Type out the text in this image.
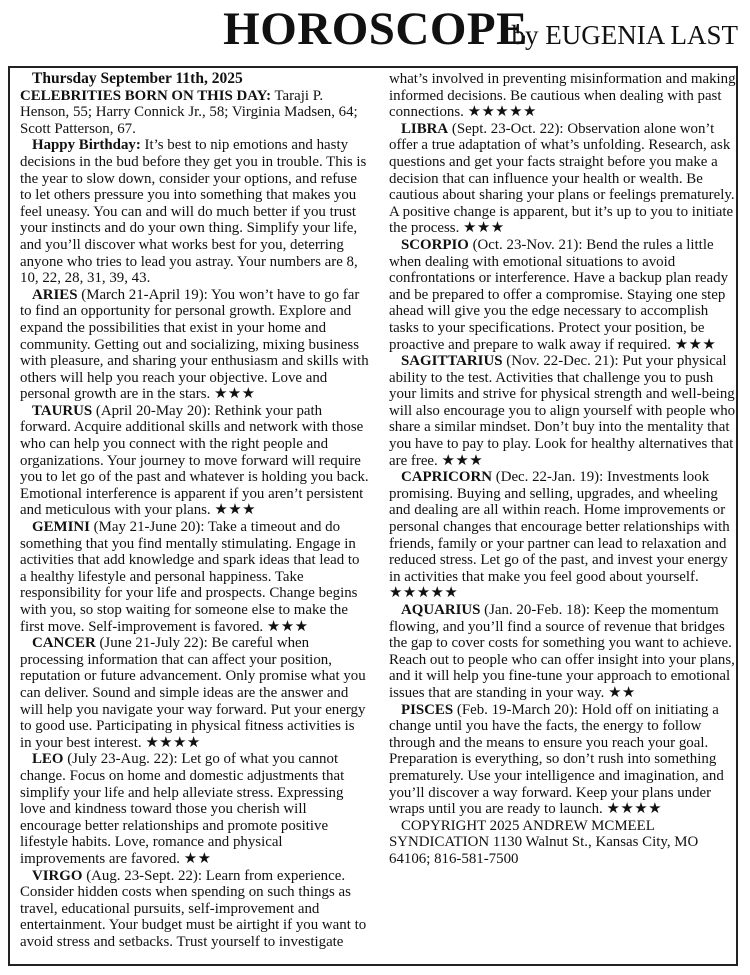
HOROSCOPE
by EUGENIA LAST

Thursday September 11th, 2025

CELEBRITIES BORN ON THIS DAY: Taraji P. Henson, 55; Harry Connick Jr., 58; Virginia Madsen, 64; Scott Patterson, 67.

Happy Birthday: It’s best to nip emotions and hasty decisions in the bud before they get you in trouble. This is the year to slow down, consider your options, and refuse to let others pressure you into something that makes you feel uneasy. You can and will do much better if you trust your instincts and do your own thing. Simplify your life, and you’ll discover what works best for you, deterring anyone who tries to lead you astray. Your numbers are 8, 10, 22, 28, 31, 39, 43.

ARIES (March 21-April 19): You won’t have to go far to find an opportunity for personal growth. Explore and expand the possibilities that exist in your home and community. Getting out and socializing, mixing business with pleasure, and sharing your enthusiasm and skills with others will help you reach your objective. Love and personal growth are in the stars. ★★★

TAURUS (April 20-May 20): Rethink your path forward. Acquire additional skills and network with those who can help you connect with the right people and organizations. Your journey to move forward will require you to let go of the past and whatever is holding you back. Emotional interference is apparent if you aren’t persistent and meticulous with your plans. ★★★

GEMINI (May 21-June 20): Take a timeout and do something that you find mentally stimulating. Engage in activities that add knowledge and spark ideas that lead to a healthy lifestyle and personal happiness. Take responsibility for your life and prospects. Change begins with you, so stop waiting for someone else to make the first move. Self-improvement is favored. ★★★

CANCER (June 21-July 22): Be careful when processing information that can affect your position, reputation or future advancement. Only promise what you can deliver. Sound and simple ideas are the answer and will help you navigate your way forward. Put your energy to good use. Participating in physical fitness activities is in your best interest. ★★★★

LEO (July 23-Aug. 22): Let go of what you cannot change. Focus on home and domestic adjustments that simplify your life and help alleviate stress. Expressing love and kindness toward those you cherish will encourage better relationships and promote positive lifestyle habits. Love, romance and physical improvements are favored. ★★

VIRGO (Aug. 23-Sept. 22): Learn from experience. Consider hidden costs when spending on such things as travel, educational pursuits, self-improvement and entertainment. Your budget must be airtight if you want to avoid stress and setbacks. Trust yourself to investigate what’s involved in preventing misinformation and making informed decisions. Be cautious when dealing with past connections. ★★★★★

LIBRA (Sept. 23-Oct. 22): Observation alone won’t offer a true adaptation of what’s unfolding. Research, ask questions and get your facts straight before you make a decision that can influence your health or wealth. Be cautious about sharing your plans or feelings prematurely. A positive change is apparent, but it’s up to you to initiate the process. ★★★

SCORPIO (Oct. 23-Nov. 21): Bend the rules a little when dealing with emotional situations to avoid confrontations or interference. Have a backup plan ready and be prepared to offer a compromise. Staying one step ahead will give you the edge necessary to accomplish tasks to your specifications. Protect your position, be proactive and prepare to walk away if required. ★★★

SAGITTARIUS (Nov. 22-Dec. 21): Put your physical ability to the test. Activities that challenge you to push your limits and strive for physical strength and well-being will also encourage you to align yourself with people who share a similar mindset. Don’t buy into the mentality that you have to pay to play. Look for healthy alternatives that are free. ★★★

CAPRICORN (Dec. 22-Jan. 19): Investments look promising. Buying and selling, upgrades, and wheeling and dealing are all within reach. Home improvements or personal changes that encourage better relationships with friends, family or your partner can lead to relaxation and reduced stress. Let go of the past, and invest your energy in activities that make you feel good about yourself. ★★★★★

AQUARIUS (Jan. 20-Feb. 18): Keep the momentum flowing, and you’ll find a source of revenue that bridges the gap to cover costs for something you want to achieve. Reach out to people who can offer insight into your plans, and it will help you fine-tune your approach to emotional issues that are standing in your way. ★★

PISCES (Feb. 19-March 20): Hold off on initiating a change until you have the facts, the energy to follow through and the means to ensure you reach your goal. Preparation is everything, so don’t rush into something prematurely. Use your intelligence and imagination, and you’ll discover a way forward. Keep your plans under wraps until you are ready to launch. ★★★★

COPYRIGHT 2025 ANDREW MCMEEL SYNDICATION 1130 Walnut St., Kansas City, MO 64106; 816-581-7500
